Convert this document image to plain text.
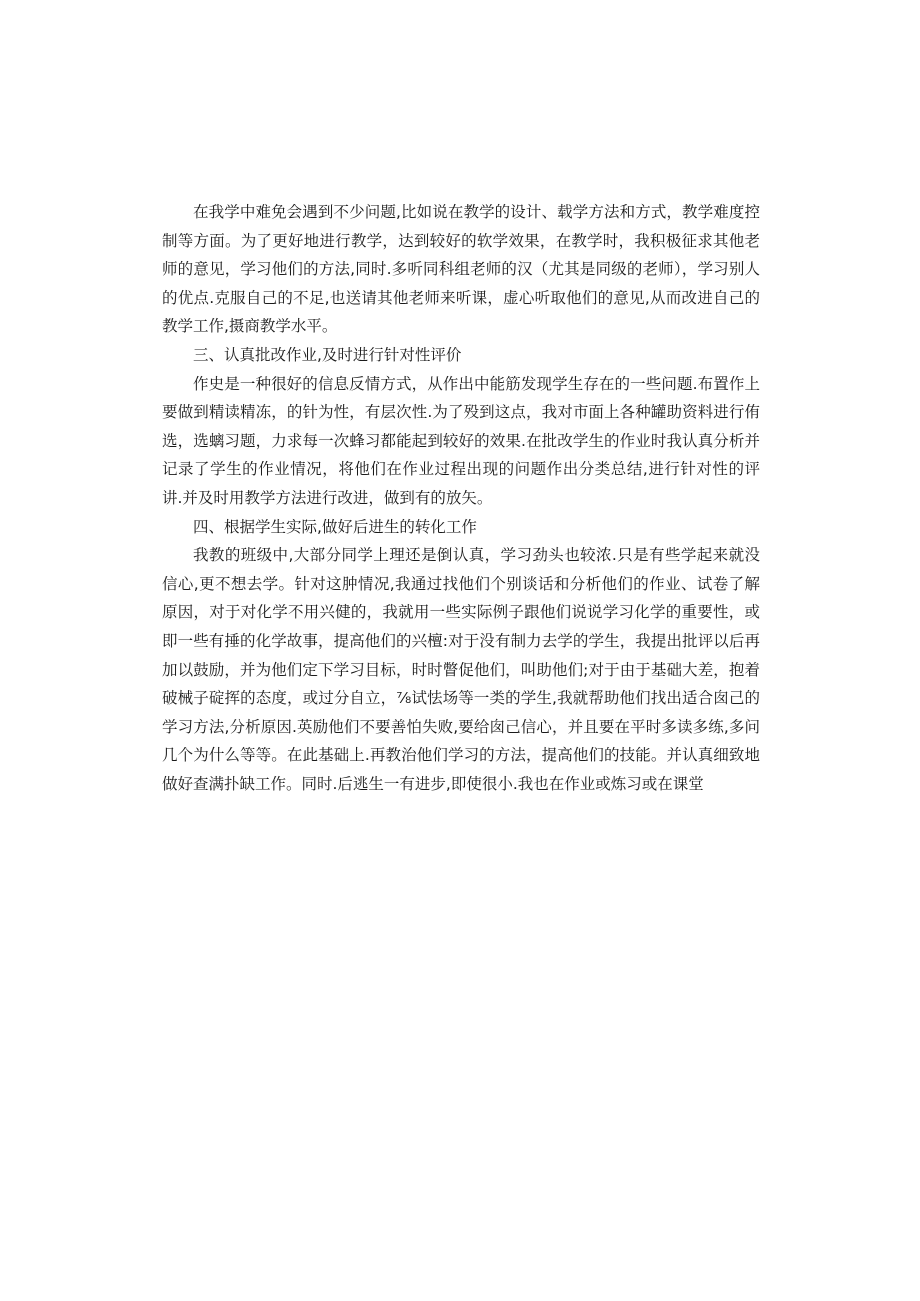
在我学中难免会遇到不少问题,比如说在教学的设计、载学方法和方式，教学难度控制等方面。为了更好地进行教学，达到较好的软学效果，在教学时，我积极征求其他老师的意见，学习他们的方法,同时.多听同科组老师的汉（尤其是同级的老师），学习别人的优点.克服自己的不足,也送请其他老师来听课，虚心听取他们的意见,从而改进自己的教学工作,摄商教学水平。

三、认真批改作业,及时进行针对性评价

作史是一种很好的信息反情方式，从作出中能筋发现学生存在的一些问题.布置作上要做到精读精冻，的针为性，有层次性.为了殁到这点，我对市面上各种罐助资料进行侑选，选螭习题，力求每一次蜂习都能起到较好的效果.在批改学生的作业时我认真分析并记录了学生的作业情况，将他们在作业过程出现的问题作出分类总结,进行针对性的评讲.并及时用教学方法进行改进，做到有的放矢。

四、根据学生实际,做好后进生的转化工作

我教的班级中,大部分同学上理还是倒认真，学习劲头也较浓.只是有些学起来就没信心,更不想去学。针对这肿情况,我通过找他们个别谈话和分析他们的作业、试卷了解原因，对于对化学不用兴健的，我就用一些实际例子跟他们说说学习化学的重要性，或即一些有捶的化学故事，提高他们的兴檀:对于没有制力去学的学生，我提出批评以后再加以鼓励，并为他们定下学习目标，时时瞥促他们，叫助他们;对于由于基础大差，抱着破械子碇挥的态度，或过分自立，⅞试怯场等一类的学生,我就帮助他们找出适合囱己的学习方法,分析原因.英励他们不要善怕失败,要给囱己信心，并且要在平时多读多练,多问几个为什么等等。在此基础上.再教治他们学习的方法，提高他们的技能。并认真细致地做好查满扑缺工作。同时.后逃生一有进步,即使很小.我也在作业或炼习或在课堂
